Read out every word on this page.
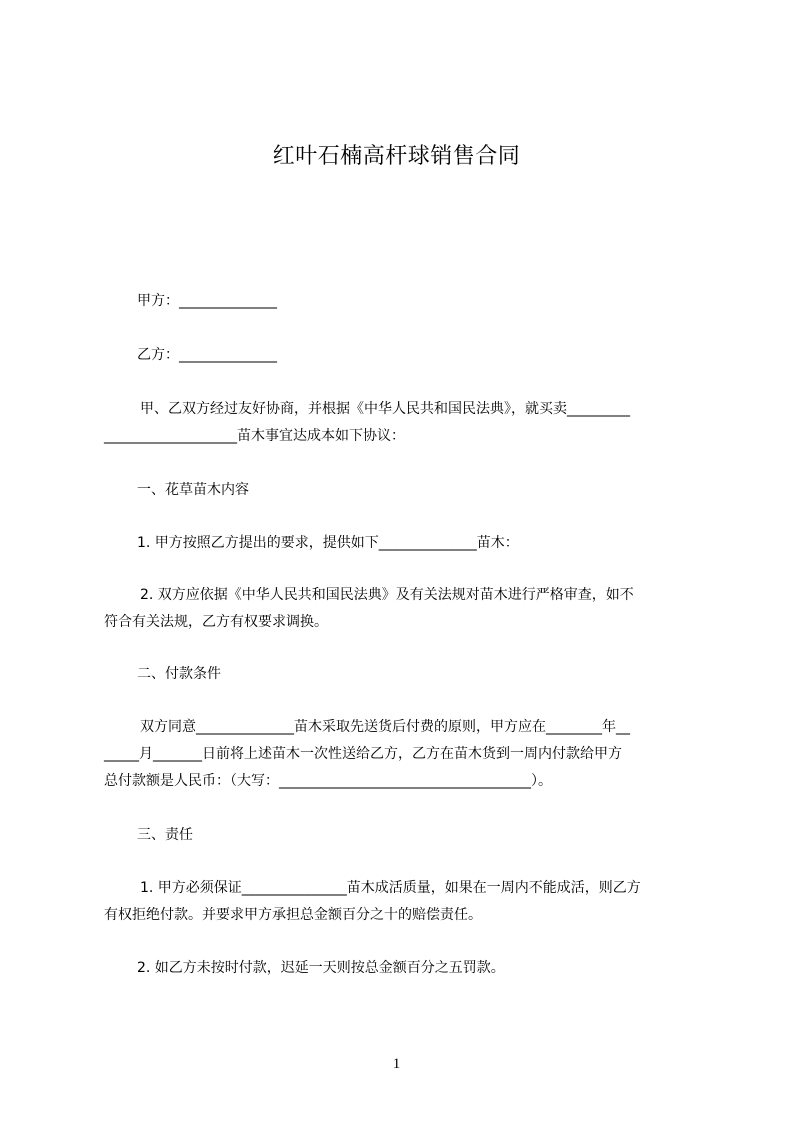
红叶石楠高杆球销售合同
甲方：______________
乙方：______________
甲、乙双方经过友好协商，并根据《中华人民共和国民法典》，就买卖_________
___________________苗木事宜达成本如下协议：
一、花草苗木内容
1. 甲方按照乙方提出的要求，提供如下______________苗木：
2. 双方应依据《中华人民共和国民法典》及有关法规对苗木进行严格审查，如不
符合有关法规，乙方有权要求调换。
二、付款条件
双方同意______________苗木采取先送货后付费的原则，甲方应在________年__
_____月_______日前将上述苗木一次性送给乙方，乙方在苗木货到一周内付款给甲方
总付款额是人民币：（大写：____________________________________）。
三、责任
1. 甲方必须保证_______________苗木成活质量，如果在一周内不能成活，则乙方
有权拒绝付款。并要求甲方承担总金额百分之十的赔偿责任。
2. 如乙方未按时付款，迟延一天则按总金额百分之五罚款。
1
